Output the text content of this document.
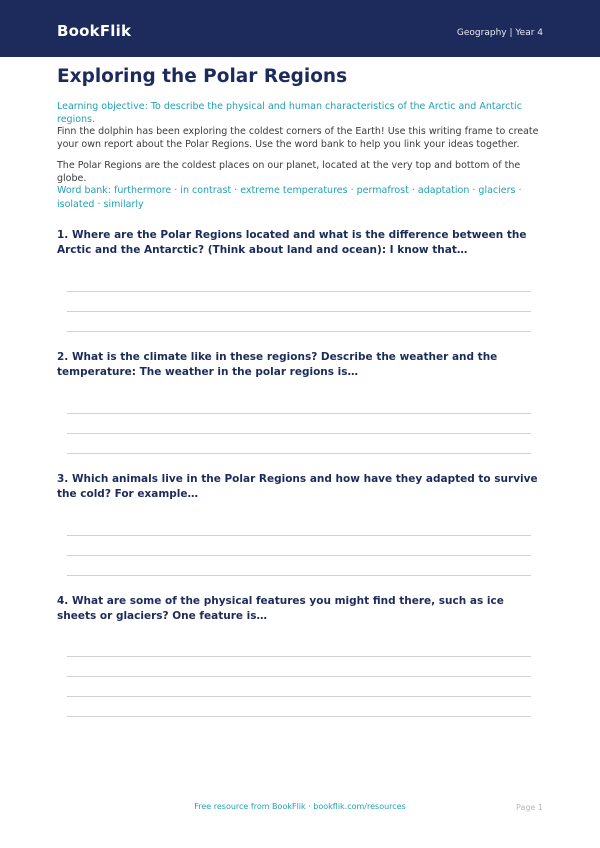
BookFlik	Geography | Year 4
Exploring the Polar Regions
Learning objective: To describe the physical and human characteristics of the Arctic and Antarctic regions.
Finn the dolphin has been exploring the coldest corners of the Earth! Use this writing frame to create your own report about the Polar Regions. Use the word bank to help you link your ideas together.
The Polar Regions are the coldest places on our planet, located at the very top and bottom of the globe.
Word bank: furthermore · in contrast · extreme temperatures · permafrost · adaptation · glaciers · isolated · similarly
1. Where are the Polar Regions located and what is the difference between the Arctic and the Antarctic? (Think about land and ocean): I know that…
2. What is the climate like in these regions? Describe the weather and the temperature: The weather in the polar regions is…
3. Which animals live in the Polar Regions and how have they adapted to survive the cold? For example…
4. What are some of the physical features you might find there, such as ice sheets or glaciers? One feature is…
Free resource from BookFlik · bookflik.com/resources	Page 1
